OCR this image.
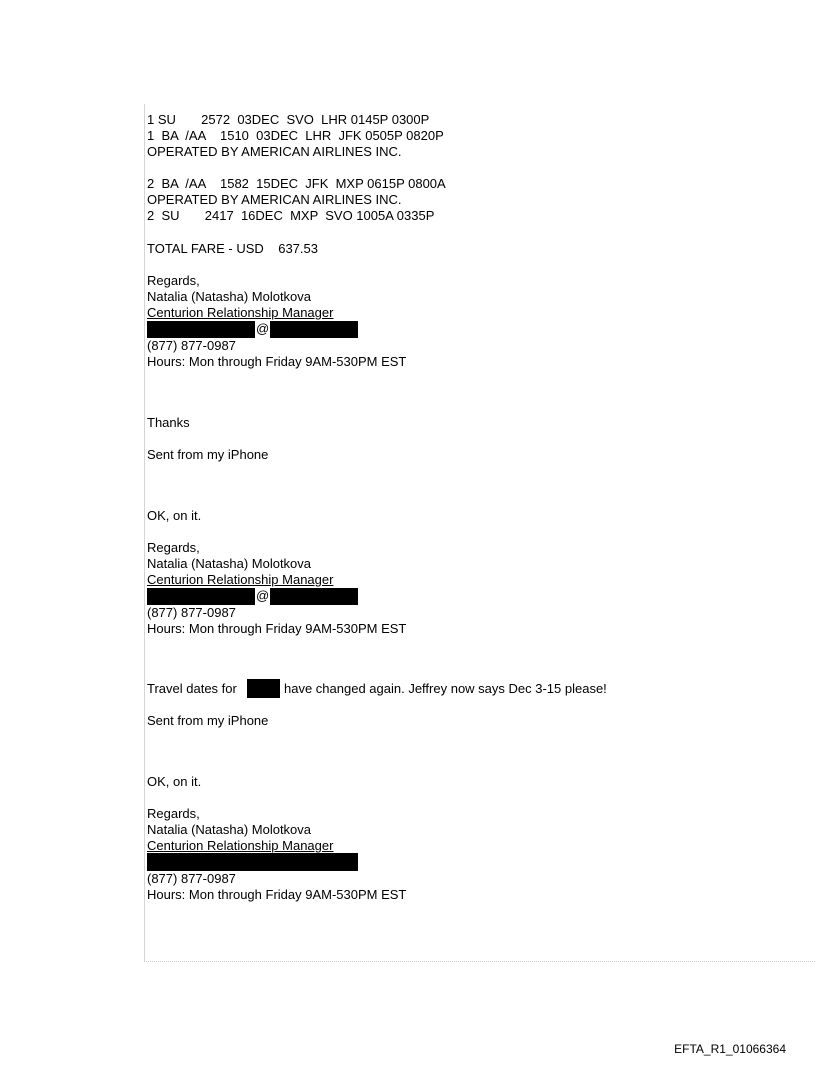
1 SU       2572  03DEC  SVO  LHR 0145P 0300P
1  BA  /AA    1510  03DEC  LHR  JFK 0505P 0820P
OPERATED BY AMERICAN AIRLINES INC.
2  BA  /AA    1582  15DEC  JFK  MXP 0615P 0800A
OPERATED BY AMERICAN AIRLINES INC.
2  SU       2417  16DEC  MXP  SVO 1005A 0335P
TOTAL FARE - USD    637.53
Regards,
Natalia (Natasha) Molotkova
Centurion Relationship Manager
@
(877) 877-0987
Hours: Mon through Friday 9AM-530PM EST
Thanks
Sent from my iPhone
OK, on it.
Regards,
Natalia (Natasha) Molotkova
Centurion Relationship Manager
@
(877) 877-0987
Hours: Mon through Friday 9AM-530PM EST
Travel dates for	have changed again. Jeffrey now says Dec 3-15 please!
Sent from my iPhone
OK, on it.
Regards,
Natalia (Natasha) Molotkova
Centurion Relationship Manager
(877) 877-0987
Hours: Mon through Friday 9AM-530PM EST
EFTA_R1_01066364
